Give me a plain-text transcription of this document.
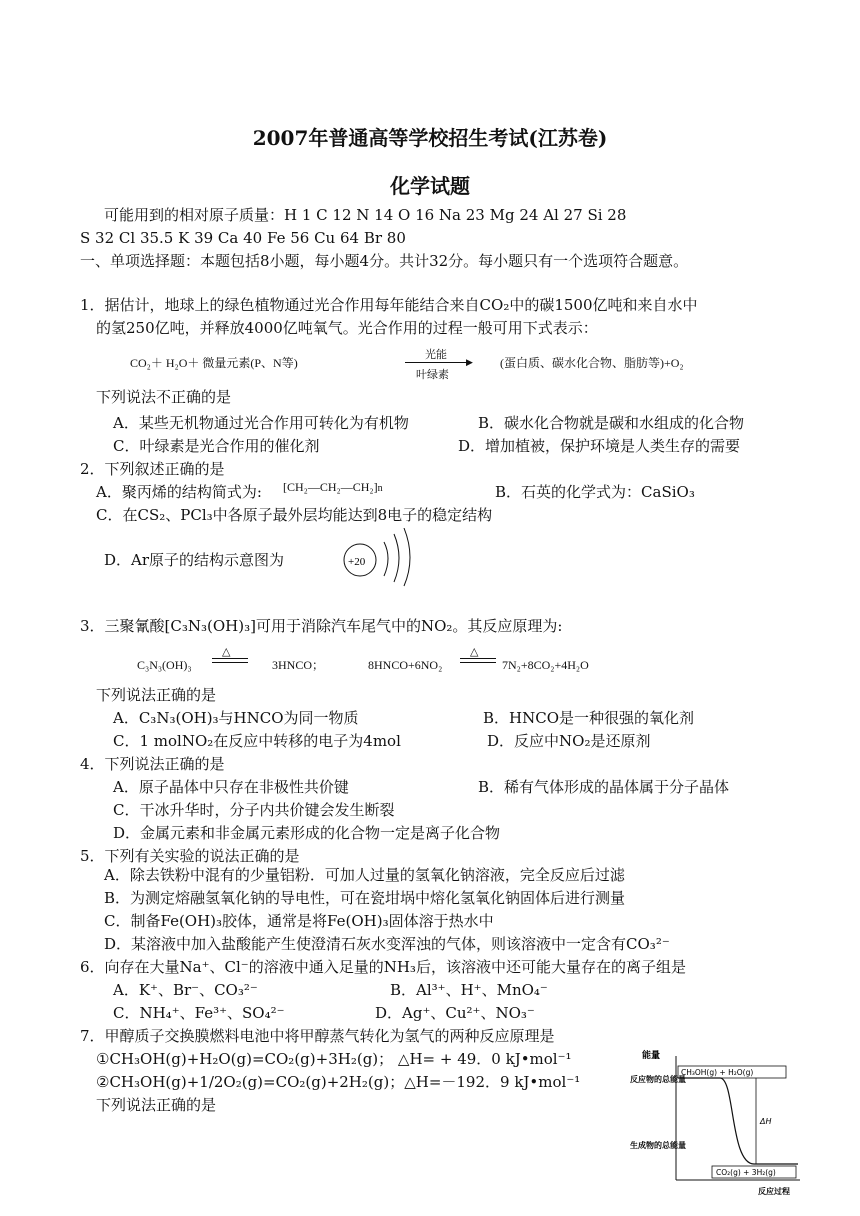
2007年普通高等学校招生考试(江苏卷)
化学试题
可能用到的相对原子质量：H 1 C 12 N 14 O 16 Na 23 Mg 24 Al 27 Si 28
S 32 Cl 35.5 K 39 Ca 40 Fe 56 Cu 64 Br 80
一、单项选择题：本题包括8小题，每小题4分。共计32分。每小题只有一个选项符合题意。
1．据估计，地球上的绿色植物通过光合作用每年能结合来自CO₂中的碳1500亿吨和来自水中
的氢250亿吨，并释放4000亿吨氧气。光合作用的过程一般可用下式表示：
CO₂＋ H₂O＋ 微量元素(P、N等)
光能
▶
叶绿素
(蛋白质、碳水化合物、脂肪等)+O₂
下列说法不正确的是
A．某些无机物通过光合作用可转化为有机物	B．碳水化合物就是碳和水组成的化合物
C．叶绿素是光合作用的催化剂	D．增加植被，保护环境是人类生存的需要
2．下列叙述正确的是
A．聚丙烯的结构简式为: [CH₂—CH₂—CH₂]n	B．石英的化学式为：CaSiO₃
C．在CS₂、PCl₃中各原子最外层均能达到8电子的稳定结构
D．Ar原子的结构示意图为	+20
3．三聚氰酸[C₃N₃(OH)₃]可用于消除汽车尾气中的NO₂。其反应原理为:
C₃N₃(OH)₃
△
3HNCO；	8HNCO+6NO₂
△
7N₂+8CO₂+4H₂O
下列说法正确的是
A．C₃N₃(OH)₃与HNCO为同一物质	B．HNCO是一种很强的氧化剂
C．1 molNO₂在反应中转移的电子为4mol	D．反应中NO₂是还原剂
4．下列说法正确的是
A．原子晶体中只存在非极性共价键	B．稀有气体形成的晶体属于分子晶体
C．干冰升华时，分子内共价键会发生断裂
D．金属元素和非金属元素形成的化合物一定是离子化合物
5．下列有关实验的说法正确的是
A．除去铁粉中混有的少量铝粉．可加人过量的氢氧化钠溶液，完全反应后过滤
B．为测定熔融氢氧化钠的导电性，可在瓷坩埚中熔化氢氧化钠固体后进行测量
C．制备Fe(OH)₃胶体，通常是将Fe(OH)₃固体溶于热水中
D．某溶液中加入盐酸能产生使澄清石灰水变浑浊的气体，则该溶液中一定含有CO₃²⁻
6．向存在大量Na⁺、Cl⁻的溶液中通入足量的NH₃后，该溶液中还可能大量存在的离子组是
A．K⁺、Br⁻、CO₃²⁻	B．Al³⁺、H⁺、MnO₄⁻
C．NH₄⁺、Fe³⁺、SO₄²⁻	D．Ag⁺、Cu²⁺、NO₃⁻
7．甲醇质子交换膜燃料电池中将甲醇蒸气转化为氢气的两种反应原理是
①CH₃OH(g)+H₂O(g)=CO₂(g)+3H₂(g)； △H= + 49．0 kJ•mol⁻¹
②CH₃OH(g)+1/2O₂(g)=CO₂(g)+2H₂(g)；△H=－192．9 kJ•mol⁻¹
下列说法正确的是
能量
反应物的总能量
生成物的总能量
CH₃OH(g) + H₂O(g)
ΔH
CO₂(g) + 3H₂(g)
反应过程
